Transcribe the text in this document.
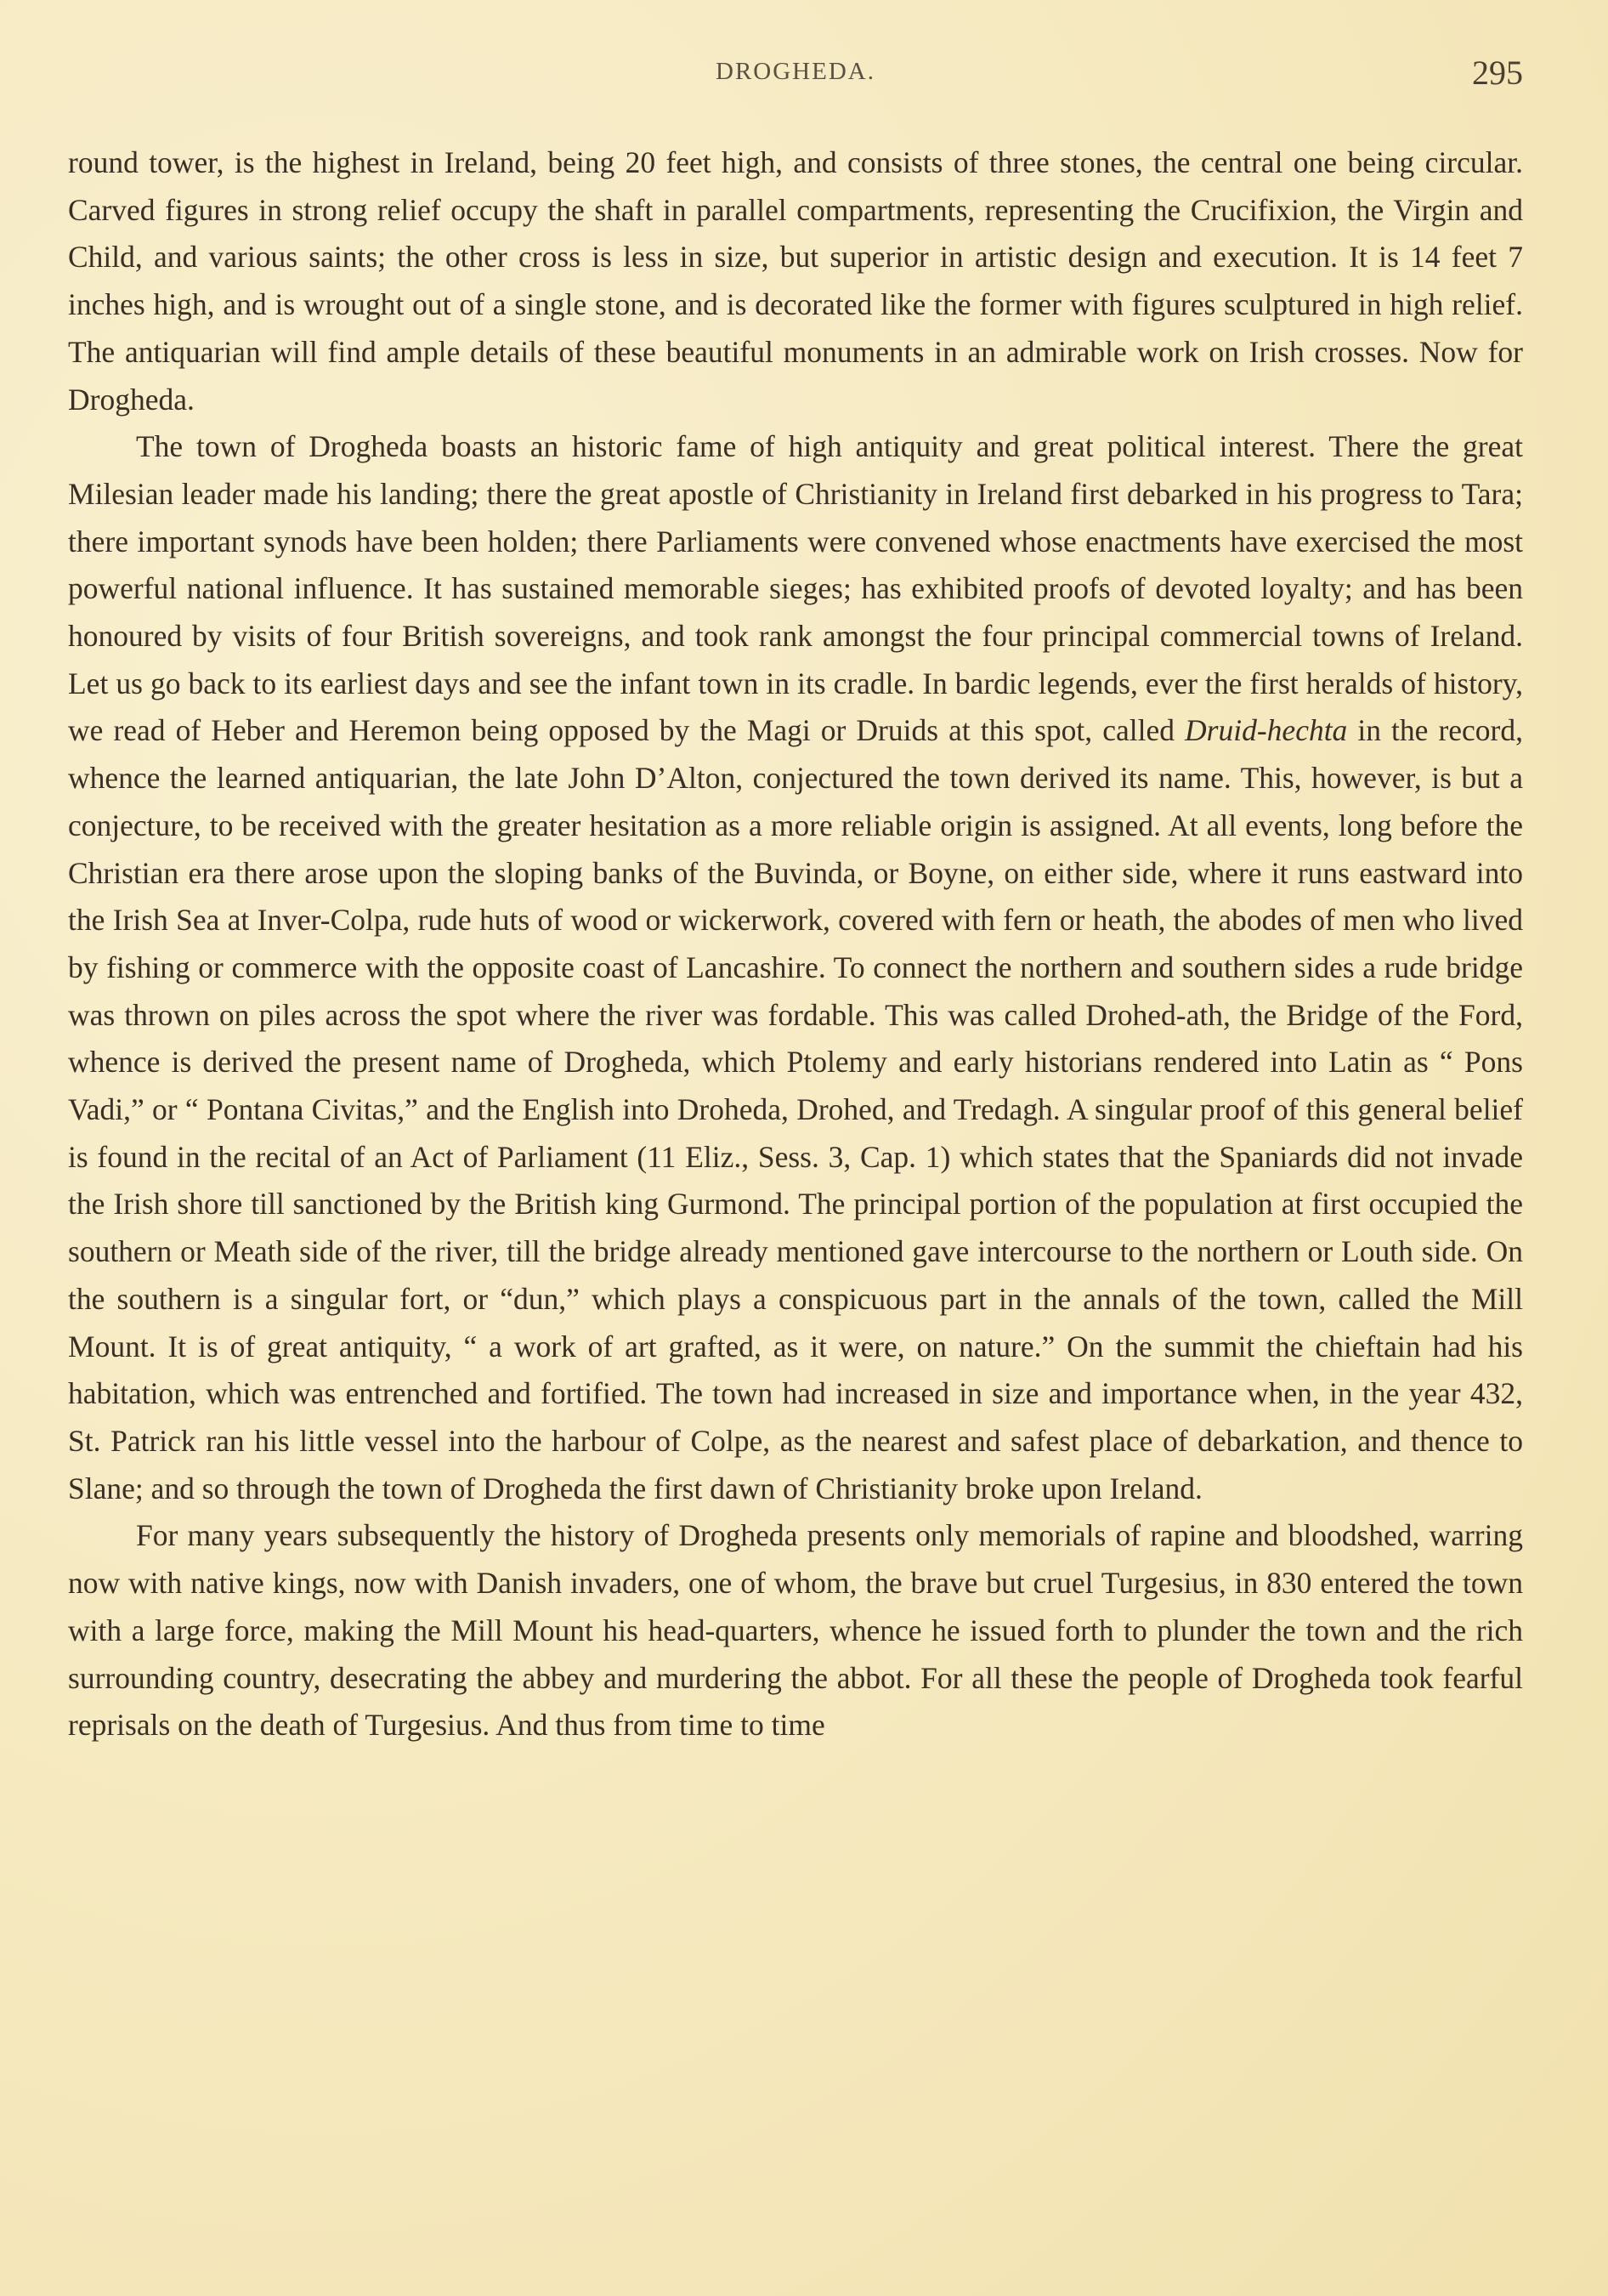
DROGHEDA.	295

round tower, is the highest in Ireland, being 20 feet high, and consists of three stones, the central one being circular. Carved figures in strong relief occupy the shaft in parallel compartments, representing the Crucifixion, the Virgin and Child, and various saints; the other cross is less in size, but superior in artistic design and execution. It is 14 feet 7 inches high, and is wrought out of a single stone, and is decorated like the former with figures sculptured in high relief. The antiquarian will find ample details of these beautiful monuments in an admirable work on Irish crosses. Now for Drogheda.

The town of Drogheda boasts an historic fame of high antiquity and great political interest. There the great Milesian leader made his landing; there the great apostle of Christianity in Ireland first debarked in his progress to Tara; there important synods have been holden; there Parliaments were convened whose enactments have exercised the most powerful national influence. It has sustained memorable sieges; has exhibited proofs of devoted loyalty; and has been honoured by visits of four British sovereigns, and took rank amongst the four principal commercial towns of Ireland. Let us go back to its earliest days and see the infant town in its cradle. In bardic legends, ever the first heralds of history, we read of Heber and Heremon being opposed by the Magi or Druids at this spot, called Druid-hechta in the record, whence the learned antiquarian, the late John D’Alton, conjectured the town derived its name. This, however, is but a conjecture, to be received with the greater hesitation as a more reliable origin is assigned. At all events, long before the Christian era there arose upon the sloping banks of the Buvinda, or Boyne, on either side, where it runs eastward into the Irish Sea at Inver-Colpa, rude huts of wood or wickerwork, covered with fern or heath, the abodes of men who lived by fishing or commerce with the opposite coast of Lancashire. To connect the northern and southern sides a rude bridge was thrown on piles across the spot where the river was fordable. This was called Drohed-ath, the Bridge of the Ford, whence is derived the present name of Drogheda, which Ptolemy and early historians rendered into Latin as “ Pons Vadi,” or “ Pontana Civitas,” and the English into Droheda, Drohed, and Tredagh. A singular proof of this general belief is found in the recital of an Act of Parliament (11 Eliz., Sess. 3, Cap. 1) which states that the Spaniards did not invade the Irish shore till sanctioned by the British king Gurmond. The principal portion of the population at first occupied the southern or Meath side of the river, till the bridge already mentioned gave intercourse to the northern or Louth side. On the southern is a singular fort, or “dun,” which plays a conspicuous part in the annals of the town, called the Mill Mount. It is of great antiquity, “ a work of art grafted, as it were, on nature.” On the summit the chieftain had his habitation, which was entrenched and fortified. The town had increased in size and importance when, in the year 432, St. Patrick ran his little vessel into the harbour of Colpe, as the nearest and safest place of debarkation, and thence to Slane; and so through the town of Drogheda the first dawn of Christianity broke upon Ireland.

For many years subsequently the history of Drogheda presents only memorials of rapine and bloodshed, warring now with native kings, now with Danish invaders, one of whom, the brave but cruel Turgesius, in 830 entered the town with a large force, making the Mill Mount his head-quarters, whence he issued forth to plunder the town and the rich surrounding country, desecrating the abbey and murdering the abbot. For all these the people of Drogheda took fearful reprisals on the death of Turgesius. And thus from time to time
